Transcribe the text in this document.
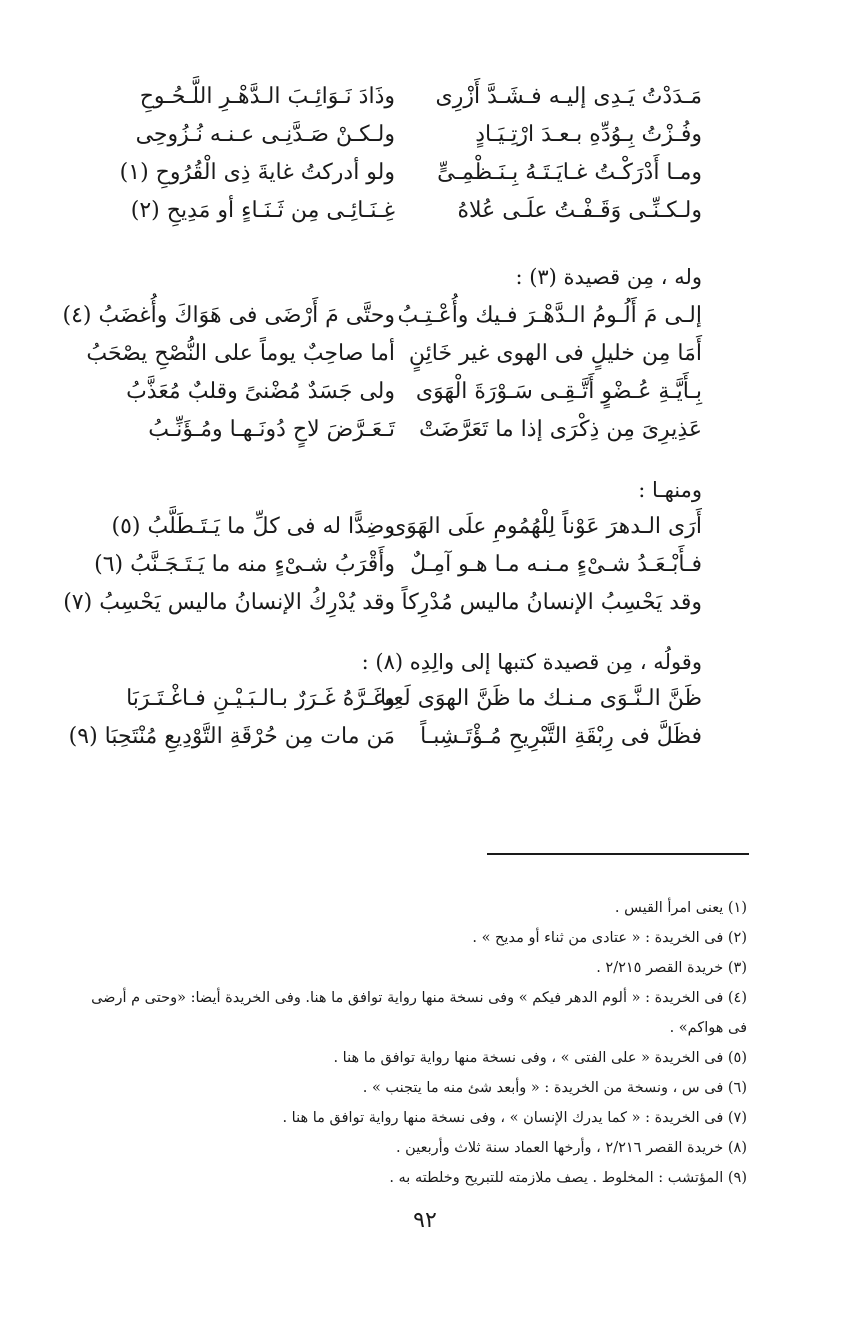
مَـدَدْتُ يَـدِى إليـه فـشَـدَّ أَزْرِى
وذَادَ نَـوَائِـبَ الـدَّهْـرِ اللَّـحُـوحِ
وفُـزْتُ بِـوُدِّهِ بـعـدَ ارْتِـيَـادٍ
ولـكـنْ صَـدَّنِـى عـنـه نُـزُوحِى
ومـا أَدْرَكْـتُ غـايَـتَـهُ بِـنَـظْمِـىٍّ
ولو أدركتُ غايةَ ذِى الْقُرُوحِ (١)
ولـكـنِّـى وَقَـفْـتُ علَـى عُلاهُ
غِـنَـائِـى مِن ثَـنَـاءٍ أو مَدِيحِ (٢)
وله ، مِن قصيدة (٣) :
إلـى مَ أَلُـومُ الـدَّهْـرَ فـيك وأُعْـتِـبُ
وحتَّى مَ أَرْضَى فى هَوَاكَ وأُغضَبُ (٤)
أَمَا مِن خليلٍ فى الهوى غير خَائِنٍ
أما صاحِبٌ يوماً على النُّصْحِ يصْحَبُ
بِـأَيَّـةِ عُـضْوٍ أَتَّـقِـى سَـوْرَةَ الْهَوَى
ولى جَسَدٌ مُضْنىً وقلبٌ مُعَذَّبُ
عَذِيرِىَ مِن ذِكْرَى إذا ما تَعَرَّضَتْ
تَـعَـرَّضَ لاحٍ دُونَـهـا ومُـؤَنِّـبُ
ومنهـا :
أَرَى الـدهرَ عَوْناً لِلْهُمُومِ علَى الهَوَى
وضِدًّا له فى كلِّ ما يَـتَـطَلَّبُ (٥)
فـأَبْـعَـدُ شـىْءٍ مـنـه مـا هـو آمِـلٌ
وأَقْرَبُ شـىْءٍ منه ما يَـتَـجَـنَّبُ (٦)
وقد يَحْسِبُ الإنسانُ ماليس مُدْرِكاً
وقد يُدْرِكُ الإنسانُ ماليس يَحْسِبُ (٧)
وقولُه ، مِن قصيدة كتبها إلى والِدِه (٨) :
ظَنَّ الـنَّـوَى مـنـك ما ظَنَّ الهوَى لَعِبا
وغَـرَّهُ غَـرَرٌ بـالـبَـيْـنِ فـاغْـتَـرَبَا
فظَلَّ فى رِبْقَةِ التَّبْرِيحِ مُـؤْتَـشِبـاً
مَن مات مِن حُرْقَةِ التَّوْدِيعِ مُنْتَحِبَا (٩)

(١) يعنى امرأ القيس .

(٢) فى الخريدة : « عتادى من ثناء أو مديح » .

(٣) خريدة القصر ٢/٢١٥ .

(٤) فى الخريدة : « ألوم الدهر فيكم » وفى نسخة منها رواية توافق ما هنا. وفى الخريدة أيضا: «وحتى م أرضى فى هواكم» .

(٥) فى الخريدة « على الفتى » ، وفى نسخة منها رواية توافق ما هنا .

(٦) فى س ، ونسخة من الخريدة : « وأبعد شئ منه ما يتجنب » .

(٧) فى الخريدة : « كما يدرك الإنسان » ، وفى نسخة منها رواية توافق ما هنا .

(٨) خريدة القصر ٢/٢١٦ ، وأرخها العماد سنة ثلاث وأربعين .

(٩) المؤتشب : المخلوط . يصف ملازمته للتبريح وخلطته به .

٩٢
